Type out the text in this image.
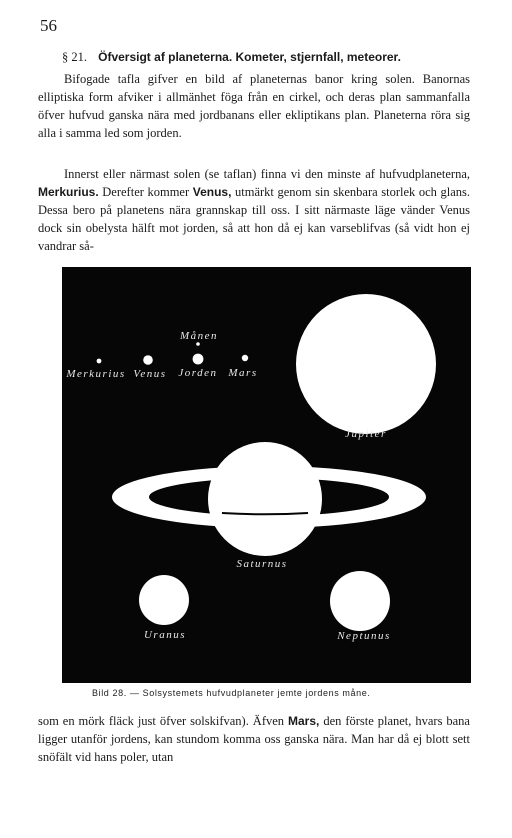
56
§ 21. Öfversigt af planeterna. Kometer, stjernfall, meteorer.

Bifogade tafla gifver en bild af planeternas banor kring solen. Banornas elliptiska form afviker i allmänhet föga från en cirkel, och deras plan sammanfalla öfver hufvud ganska nära med jordbanans eller ekliptikans plan. Planeterna röra sig alla i samma led som jorden.

Innerst eller närmast solen (se taflan) finna vi den minste af hufvudplaneterna, Merkurius. Derefter kommer Venus, utmärkt genom sin skenbara storlek och glans. Dessa bero på planetens nära grannskap till oss. I sitt närmaste läge vänder Venus dock sin obelysta hälft mot jorden, så att hon då ej kan varseblifvas (så vidt hon ej vandrar så-

Månen
Merkurius Venus Jorden Mars
Jupiter
Saturnus
Uranus	Neptunus
Bild 28. — Solsystemets hufvudplaneter jemte jordens måne.

som en mörk fläck just öfver solskifvan). Äfven Mars, den förste planet, hvars bana ligger utanför jordens, kan stundom komma oss ganska nära. Man har då ej blott sett snöfält vid hans poler, utan
